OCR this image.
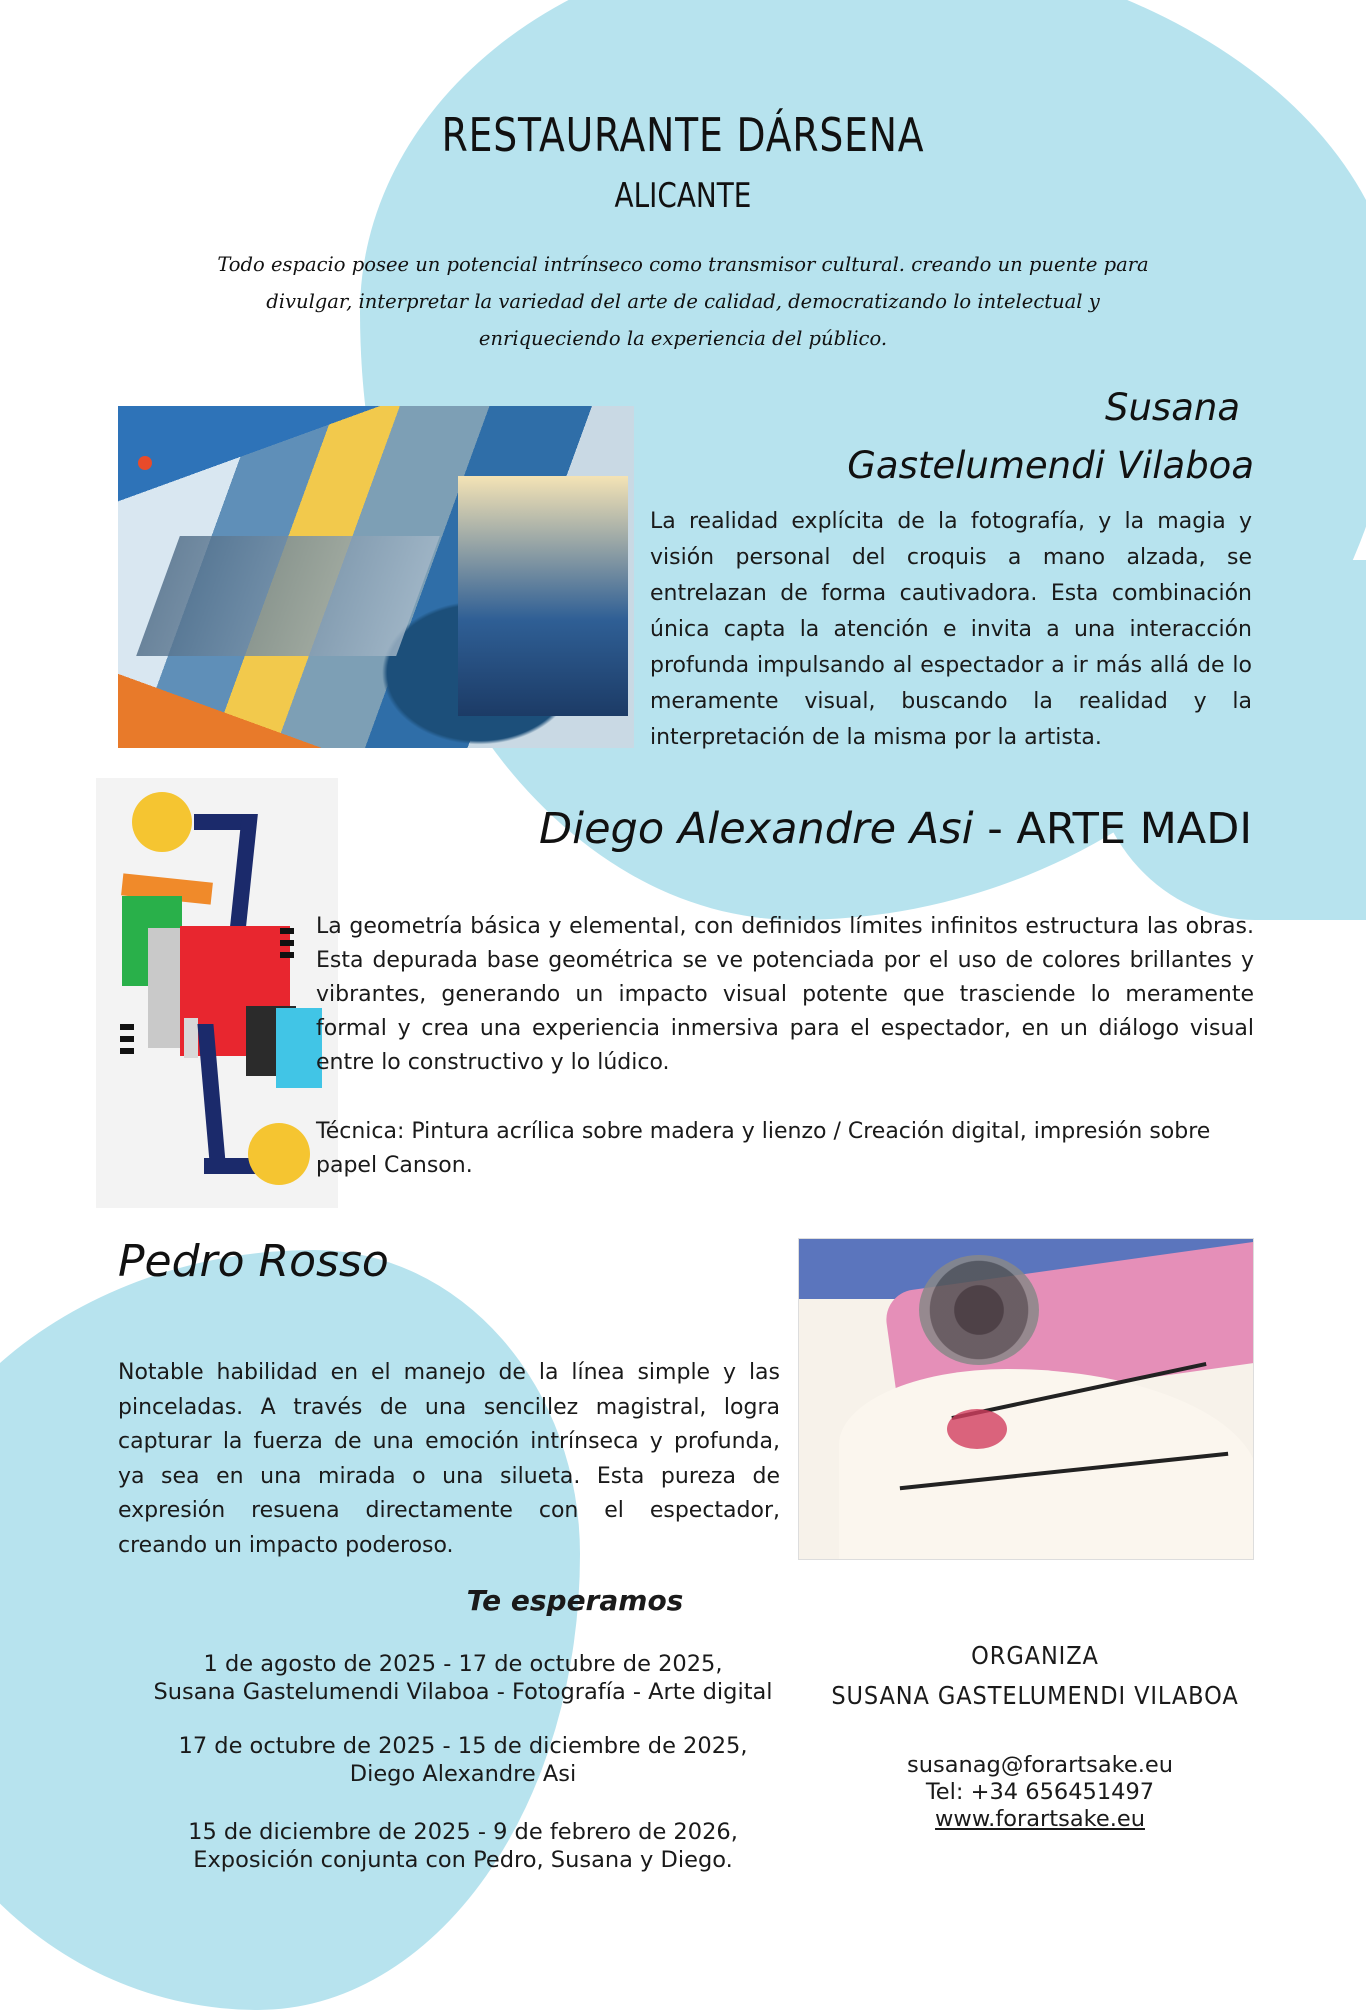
RESTAURANTE DÁRSENA
ALICANTE
Todo espacio posee un potencial intrínseco como transmisor cultural. creando un puente para divulgar, interpretar la variedad del arte de calidad, democratizando lo intelectual y enriqueciendo la experiencia del público.
Susana
Gastelumendi Vilaboa
La realidad explícita de la fotografía, y la magia y visión personal del croquis a mano alzada, se entrelazan de forma cautivadora. Esta combinación única capta la atención e invita a una interacción profunda impulsando al espectador a ir más allá de lo meramente visual, buscando la realidad y la interpretación de la misma por la artista.
Diego Alexandre Asi - ARTE MADI
La geometría básica y elemental, con definidos límites infinitos estructura las obras. Esta depurada base geométrica se ve potenciada por el uso de colores brillantes y vibrantes, generando un impacto visual potente que trasciende lo meramente formal y crea una experiencia inmersiva para el espectador, en un diálogo visual entre lo constructivo y lo lúdico.
Técnica: Pintura acrílica sobre madera y lienzo / Creación digital, impresión sobre papel Canson.
Pedro Rosso
Notable habilidad en el manejo de la línea simple y las pinceladas. A través de una sencillez magistral, logra capturar la fuerza de una emoción intrínseca y profunda, ya sea en una mirada o una silueta. Esta pureza de expresión resuena directamente con el espectador, creando un impacto poderoso.
Te esperamos
1 de agosto de 2025 - 17 de octubre de 2025,
Susana Gastelumendi Vilaboa - Fotografía - Arte digital
17 de octubre de 2025 - 15 de diciembre de 2025,
Diego Alexandre Asi
15 de diciembre de 2025 - 9 de febrero de 2026,
Exposición conjunta con Pedro, Susana y Diego.
ORGANIZA
SUSANA GASTELUMENDI VILABOA
susanag@forartsake.eu
Tel: +34 656451497
www.forartsake.eu
